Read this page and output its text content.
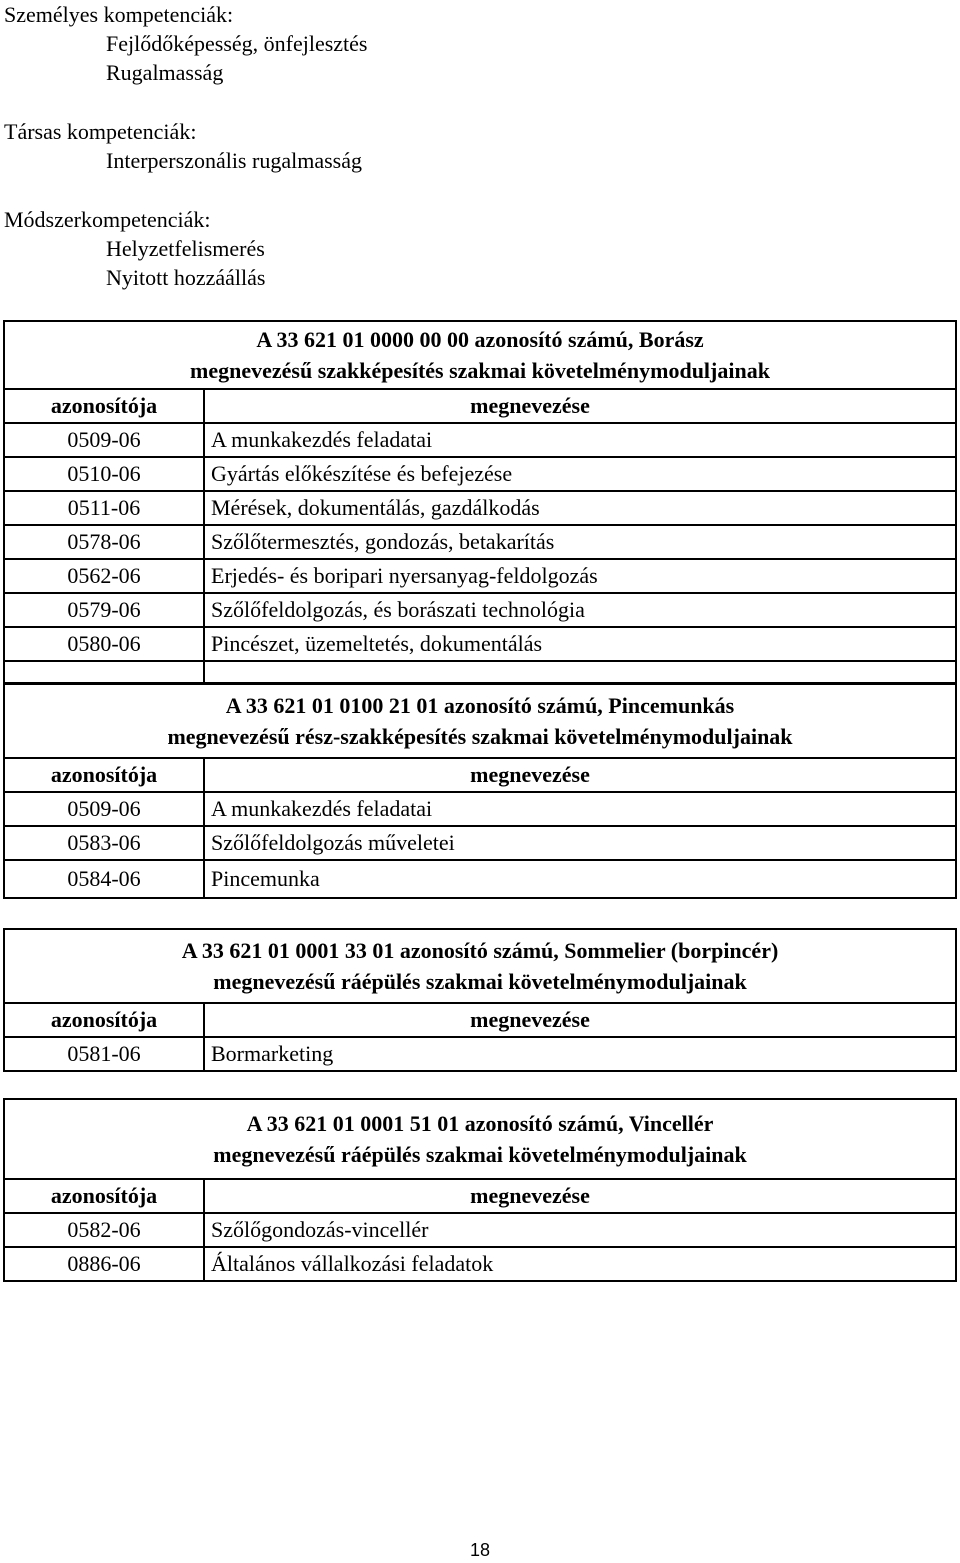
Személyes kompetenciák:
Fejlődőképesség, önfejlesztés
Rugalmasság
Társas kompetenciák:
Interperszonális rugalmasság
Módszerkompetenciák:
Helyzetfelismerés
Nyitott hozzáállás
A 33 621 01 0000 00 00 azonosító számú, Borász
megnevezésű szakképesítés szakmai követelménymoduljainak	

azonosítója	megnevezése
0509-06	A munkakezdés feladatai
0510-06	Gyártás előkészítése és befejezése
0511-06	Mérések, dokumentálás, gazdálkodás
0578-06	Szőlőtermesztés, gondozás, betakarítás
0562-06	Erjedés- és boripari nyersanyag-feldolgozás
0579-06	Szőlőfeldolgozás, és borászati technológia
0580-06	Pincészet, üzemeltetés, dokumentálás

A 33 621 01 0100 21 01 azonosító számú, Pincemunkás
megnevezésű rész-szakképesítés szakmai követelménymoduljainak	

azonosítója	megnevezése
0509-06	A munkakezdés feladatai
0583-06	Szőlőfeldolgozás műveletei
0584-06	Pincemunka
A 33 621 01 0001 33 01 azonosító számú, Sommelier (borpincér)
megnevezésű ráépülés szakmai követelménymoduljainak	

azonosítója	megnevezése
0581-06	Bormarketing
A 33 621 01 0001 51 01 azonosító számú, Vincellér
megnevezésű ráépülés szakmai követelménymoduljainak	

azonosítója	megnevezése
0582-06	Szőlőgondozás-vincellér
0886-06	Általános vállalkozási feladatok
18
